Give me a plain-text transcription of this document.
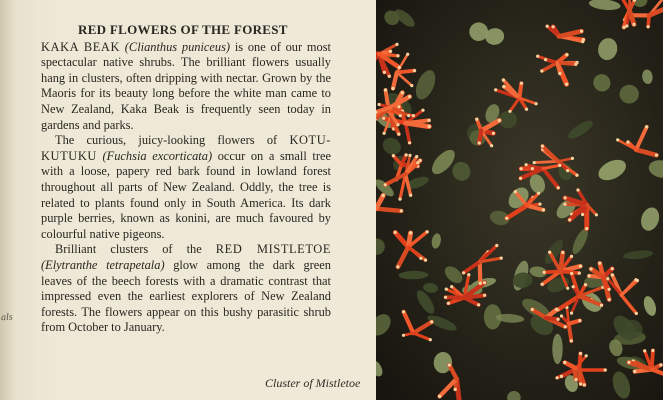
als
RED FLOWERS OF THE FOREST

KAKA BEAK (Clianthus puniceus) is one of our most spectacular native shrubs. The brilliant flowers usually hang in clusters, often dripping with nectar. Grown by the Maoris for its beauty long before the white man came to New Zealand, Kaka Beak is frequently seen today in gardens and parks.

The curious, juicy-looking flowers of KOTU-KUTUKU (Fuchsia excorticata) occur on a small tree with a loose, papery red bark found in lowland forest throughout all parts of New Zealand. Oddly, the tree is related to plants found only in South America. Its dark purple berries, known as konini, are much favoured by colourful native pigeons.

Brilliant clusters of the RED MISTLETOE (Elytranthe tetrapetala) glow among the dark green leaves of the beech forests with a dramatic contrast that impressed even the earliest explorers of New Zealand forests. The flowers appear on this bushy parasitic shrub from October to January.

Cluster of Mistletoe
